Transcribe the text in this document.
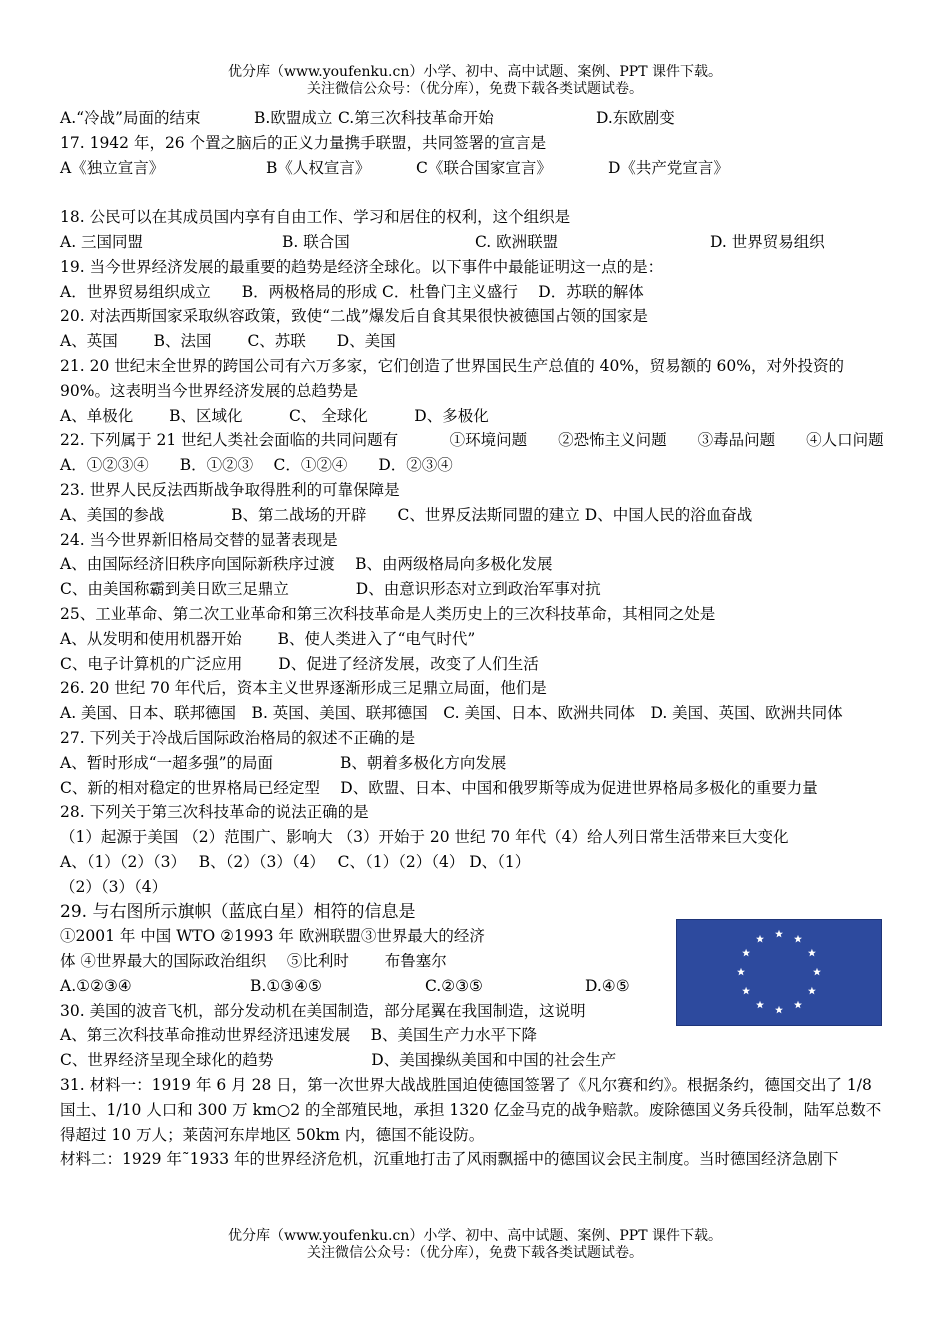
优分库（www.youfenku.cn）小学、初中、高中试题、案例、PPT 课件下载。
关注微信公众号：（优分库），免费下载各类试题试卷。
A.“冷战”局面的结束	B.欧盟成立 C.第三次科技革命开始	D.东欧剧变
17. 1942 年，26 个置之脑后的正义力量携手联盟，共同签署的宣言是
A《独立宣言》	B《人权宣言》	C《联合国家宣言》	D《共产党宣言》
18. 公民可以在其成员国内享有自由工作、学习和居住的权利，这个组织是
A. 三国同盟	B. 联合国	C. 欧洲联盟	D. 世界贸易组织
19. 当今世界经济发展的最重要的趋势是经济全球化。以下事件中最能证明这一点的是：
A．世界贸易组织成立　　B．两极格局的形成 C．杜鲁门主义盛行　 D．苏联的解体
20. 对法西斯国家采取纵容政策，致使“二战”爆发后自食其果很快被德国占领的国家是
A、英国　　 B、法国　　 C、苏联　　D、美国
21. 20 世纪末全世界的跨国公司有六万多家，它们创造了世界国民生产总值的 40%，贸易额的 60%，对外投资的 90%。这表明当今世界经济发展的总趋势是
A、单极化　　 B、区域化　　　C、 全球化　　　D、多极化
22. 下列属于 21 世纪人类社会面临的共同问题有　　　 ①环境问题　　②恐怖主义问题　　③毒品问题　　④人口问题
A．①②③④　　B．①②③　 C．①②④　　D．②③④
23. 世界人民反法西斯战争取得胜利的可靠保障是
A、美国的参战　　　　 B、第二战场的开辟　　C、世界反法斯同盟的建立 D、中国人民的浴血奋战
24. 当今世界新旧格局交替的显著表现是
A、由国际经济旧秩序向国际新秩序过渡　 B、由两级格局向多极化发展
C、由美国称霸到美日欧三足鼎立　　　　 D、由意识形态对立到政治军事对抗
25、工业革命、第二次工业革命和第三次科技革命是人类历史上的三次科技革命，其相同之处是
A、从发明和使用机器开始　　 B、使人类进入了“电气时代”
C、电子计算机的广泛应用　　 D、促进了经济发展，改变了人们生活
26. 20 世纪 70 年代后，资本主义世界逐渐形成三足鼎立局面，他们是
A. 美国、日本、联邦德国　B. 英国、美国、联邦德国　C. 美国、日本、欧洲共同体　D. 美国、英国、欧洲共同体
27. 下列关于冷战后国际政治格局的叙述不正确的是
A、暂时形成“一超多强”的局面　　　　 B、朝着多极化方向发展
C、新的相对稳定的世界格局已经定型　 D、欧盟、日本、中国和俄罗斯等成为促进世界格局多极化的重要力量
28. 下列关于第三次科技革命的说法正确的是
（1）起源于美国 （2）范围广、影响大 （3）开始于 20 世纪 70 年代（4）给人列日常生活带来巨大变化
A、（1）（2）（3）　 B、（2）（3）（4）　 C、（1）（2）（4） D、（1）
（2）（3）（4）
29. 与右图所示旗帜（蓝底白星）相符的信息是
①2001 年 中国 WTO ②1993 年 欧洲联盟③世界最大的经济
体 ④世界最大的国际政治组织　 ⑤比利时　　 布鲁塞尔
A.①②③④	B.①③④⑤	C.②③⑤	D.④⑤
30. 美国的波音飞机，部分发动机在美国制造，部分尾翼在我国制造，这说明
A、第三次科技革命推动世界经济迅速发展　 B、美国生产力水平下降
C、世界经济呈现全球化的趋势　　　　　　 D、美国操纵美国和中国的社会生产
31. 材料一：1919 年 6 月 28 日，第一次世界大战战胜国迫使德国签署了《凡尔赛和约》。根据条约，德国交出了 1/8 国土、1/10 人口和 300 万 km○2 的全部殖民地，承担 1320 亿金马克的战争赔款。废除德国义务兵役制，陆军总数不得超过 10 万人；莱茵河东岸地区 50km 内，德国不能设防。
材料二：1929 年˜1933 年的世界经济危机，沉重地打击了风雨飘摇中的德国议会民主制度。当时德国经济急剧下
优分库（www.youfenku.cn）小学、初中、高中试题、案例、PPT 课件下载。
关注微信公众号：（优分库），免费下载各类试题试卷。
